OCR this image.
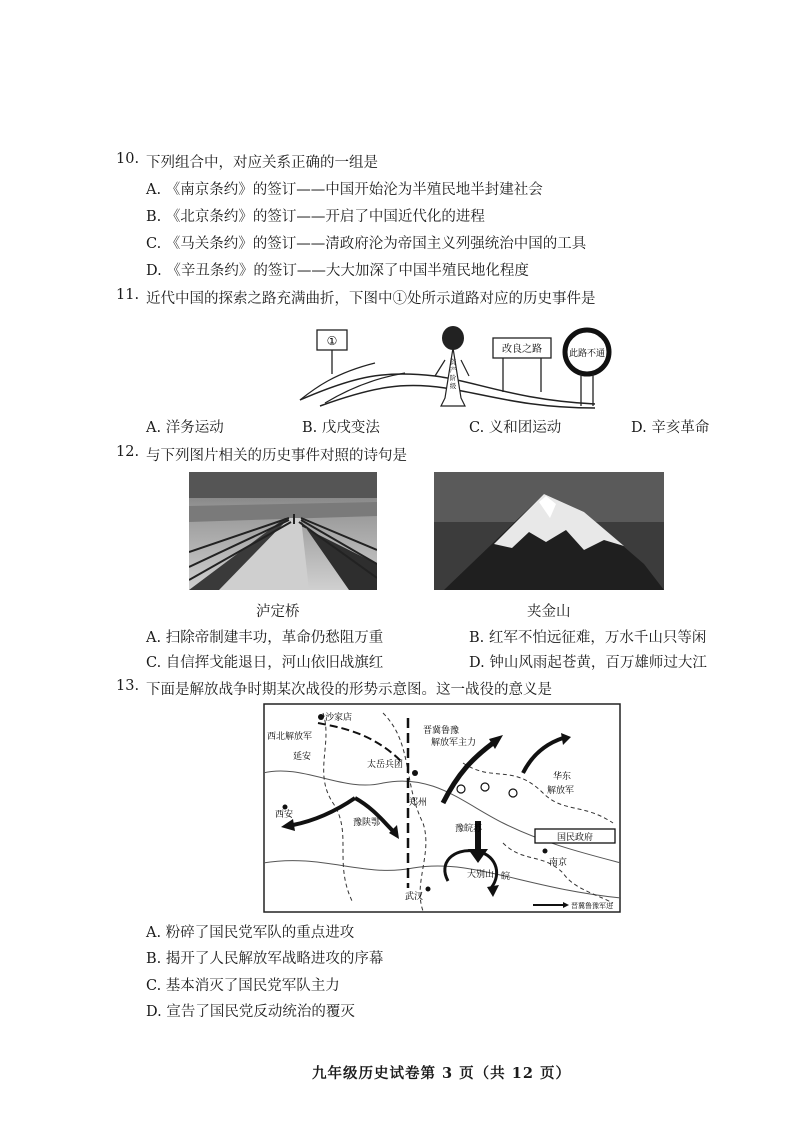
10. 下列组合中，对应关系正确的一组是
A. 《南京条约》的签订——中国开始沦为半殖民地半封建社会
B. 《北京条约》的签订——开启了中国近代化的进程
C. 《马关条约》的签订——清政府沦为帝国主义列强统治中国的工具
D. 《辛丑条约》的签订——大大加深了中国半殖民地化程度
11. 近代中国的探索之路充满曲折，下图中①处所示道路对应的历史事件是
①
资
产
阶
级
改良之路	此路不通
A. 洋务运动	B. 戊戌变法	C. 义和团运动	D. 辛亥革命
12. 与下列图片相关的历史事件对照的诗句是
泸定桥	夹金山
A. 扫除帝制建丰功，革命仍愁阻万重	B. 红军不怕远征难，万水千山只等闲
C. 自信挥戈能退日，河山依旧战旗红	D. 钟山风雨起苍黄，百万雄师过大江
13. 下面是解放战争时期某次战役的形势示意图。这一战役的意义是
沙家店
西北解放军
延安
晋冀鲁豫
解放军主力
太岳兵团
华东
解放军
西安
郑州
豫陕鄂
豫皖苏
国民政府
大别山 皖
南京
武汉
晋冀鲁豫军进
A. 粉碎了国民党军队的重点进攻
B. 揭开了人民解放军战略进攻的序幕
C. 基本消灭了国民党军队主力
D. 宣告了国民党反动统治的覆灭
九年级历史试卷第 3 页（共 12 页）
